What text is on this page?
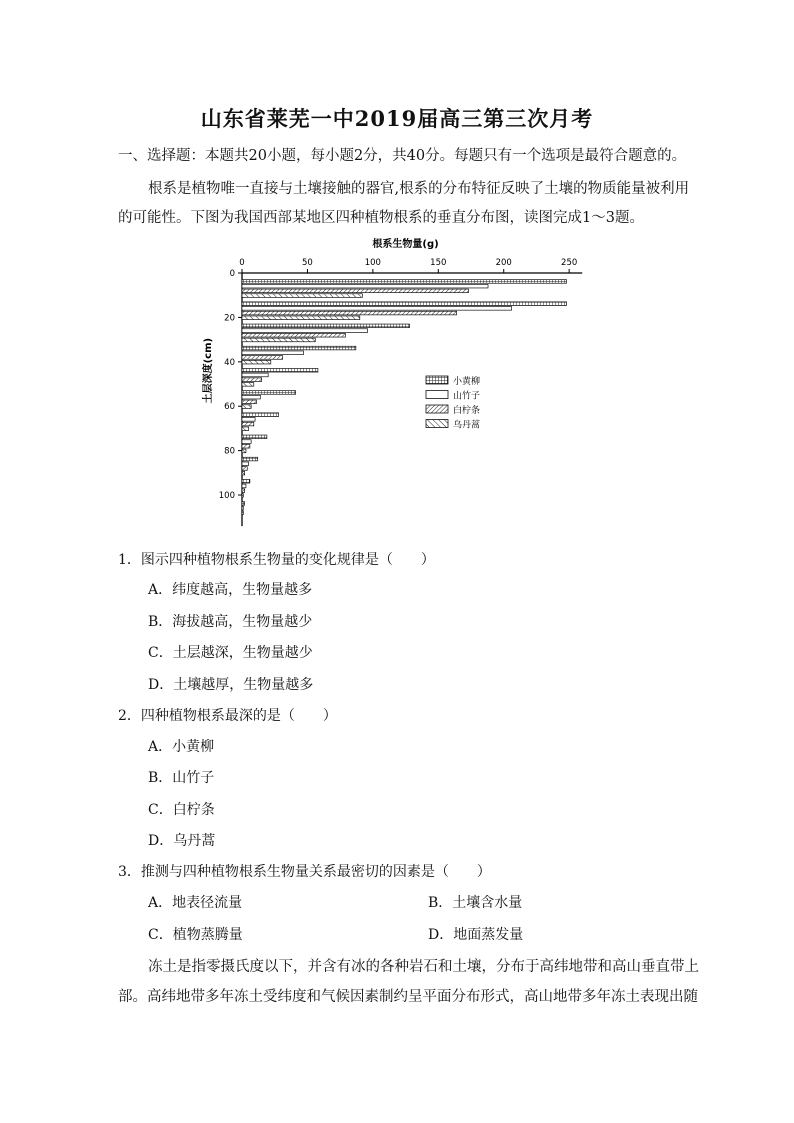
山东省莱芜一中2019届高三第三次月考
一、选择题：本题共20小题，每小题2分，共40分。每题只有一个选项是最符合题意的。
根系是植物唯一直接与土壤接触的器官,根系的分布特征反映了土壤的物质能量被利用
的可能性。下图为我国西部某地区四种植物根系的垂直分布图，读图完成1～3题。
根系生物量(g)
0	50	100	150	200	250
0
20
40
60
80
100
土层深度(cm)	小黄柳
山竹子
白柠条
乌丹蒿
1．图示四种植物根系生物量的变化规律是（　　）
A．纬度越高，生物量越多
B．海拔越高，生物量越少
C．土层越深，生物量越少
D．土壤越厚，生物量越多
2．四种植物根系最深的是（　　）
A．小黄柳
B．山竹子
C．白柠条
D．乌丹蒿
3．推测与四种植物根系生物量关系最密切的因素是（　　）
A．地表径流量	B．土壤含水量
C．植物蒸腾量	D．地面蒸发量
冻土是指零摄氏度以下，并含有冰的各种岩石和土壤，分布于高纬地带和高山垂直带上
部。高纬地带多年冻土受纬度和气候因素制约呈平面分布形式，高山地带多年冻土表现出随
